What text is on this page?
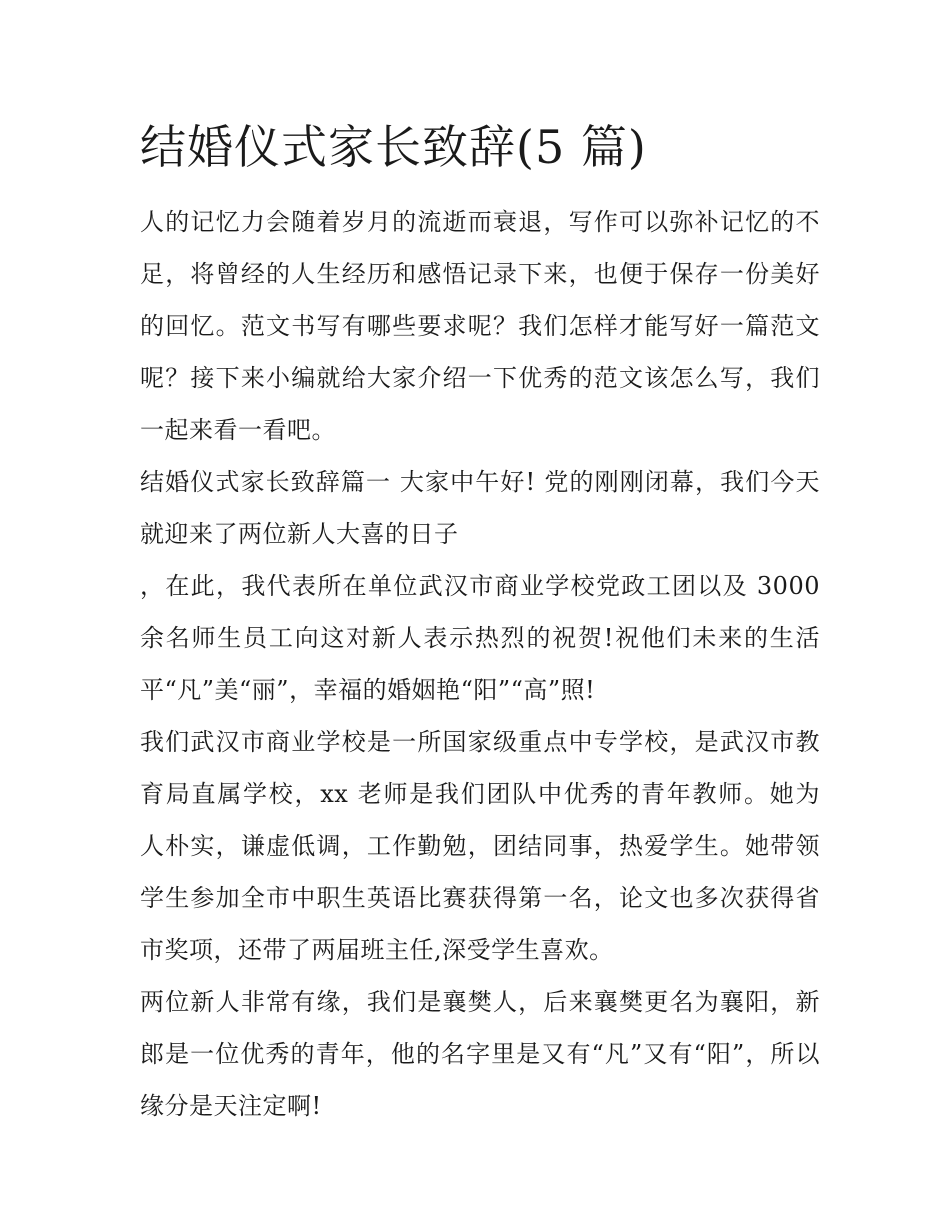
结婚仪式家长致辞(5 篇)
人的记忆力会随着岁月的流逝而衰退，写作可以弥补记忆的不
足，将曾经的人生经历和感悟记录下来，也便于保存一份美好
的回忆。范文书写有哪些要求呢？我们怎样才能写好一篇范文
呢？接下来小编就给大家介绍一下优秀的范文该怎么写，我们
一起来看一看吧。
结婚仪式家长致辞篇一 大家中午好! 党的刚刚闭幕，我们今天
就迎来了两位新人大喜的日子
，在此，我代表所在单位武汉市商业学校党政工团以及 3000
余名师生员工向这对新人表示热烈的祝贺!祝他们未来的生活
平“凡”美“丽”，幸福的婚姻艳“阳”“高”照!
我们武汉市商业学校是一所国家级重点中专学校，是武汉市教
育局直属学校，xx 老师是我们团队中优秀的青年教师。她为
人朴实，谦虚低调，工作勤勉，团结同事，热爱学生。她带领
学生参加全市中职生英语比赛获得第一名，论文也多次获得省
市奖项，还带了两届班主任,深受学生喜欢。
两位新人非常有缘，我们是襄樊人，后来襄樊更名为襄阳，新
郎是一位优秀的青年，他的名字里是又有“凡”又有“阳”，所以
缘分是天注定啊!
